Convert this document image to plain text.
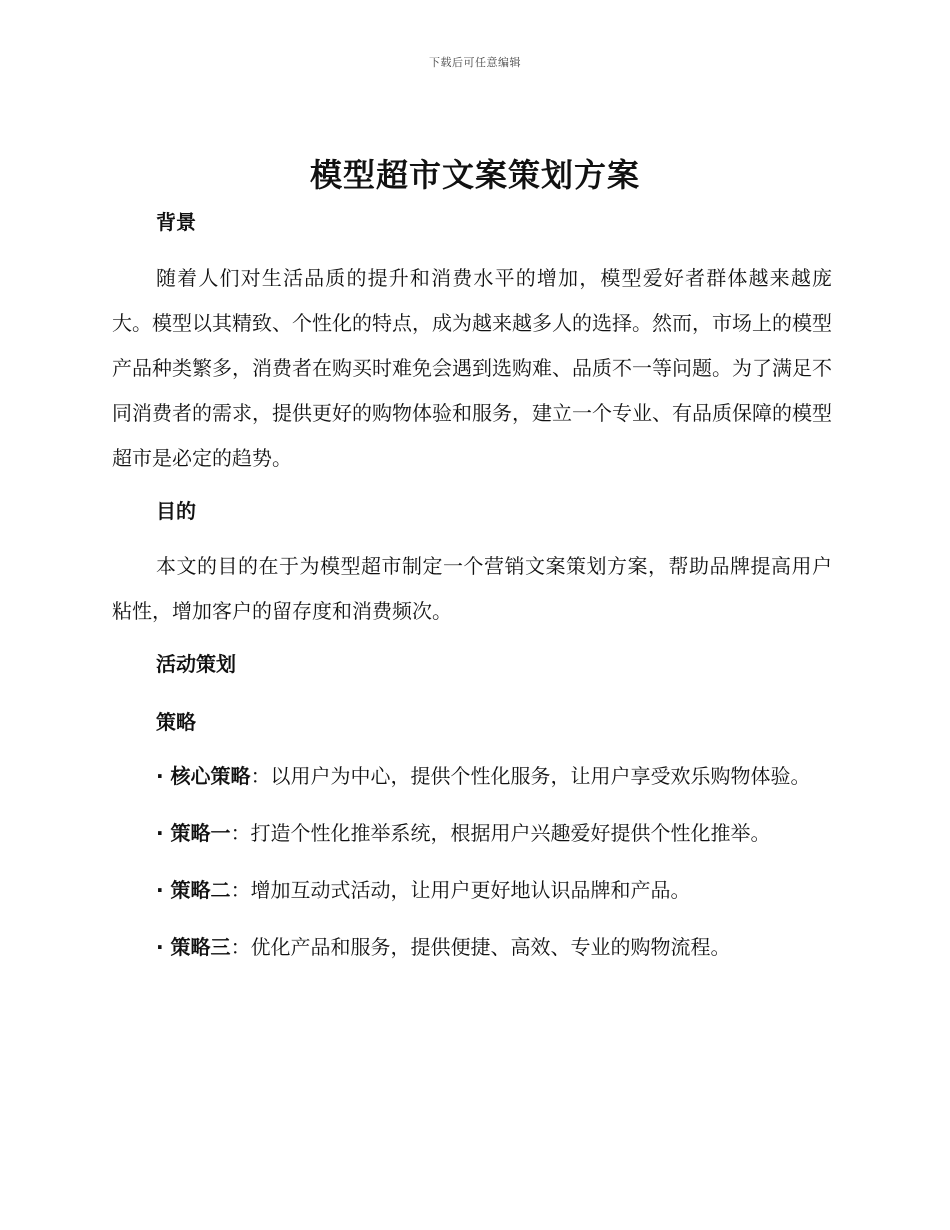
下载后可任意编辑
模型超市文案策划方案

背景

随着人们对生活品质的提升和消费水平的增加，模型爱好者群体越来越庞大。模型以其精致、个性化的特点，成为越来越多人的选择。然而，市场上的模型产品种类繁多，消费者在购买时难免会遇到选购难、品质不一等问题。为了满足不同消费者的需求，提供更好的购物体验和服务，建立一个专业、有品质保障的模型超市是必定的趋势。

目的

本文的目的在于为模型超市制定一个营销文案策划方案，帮助品牌提高用户粘性，增加客户的留存度和消费频次。

活动策划

策略

· 核心策略：以用户为中心，提供个性化服务，让用户享受欢乐购物体验。

· 策略一：打造个性化推举系统，根据用户兴趣爱好提供个性化推举。

· 策略二：增加互动式活动，让用户更好地认识品牌和产品。

· 策略三：优化产品和服务，提供便捷、高效、专业的购物流程。
